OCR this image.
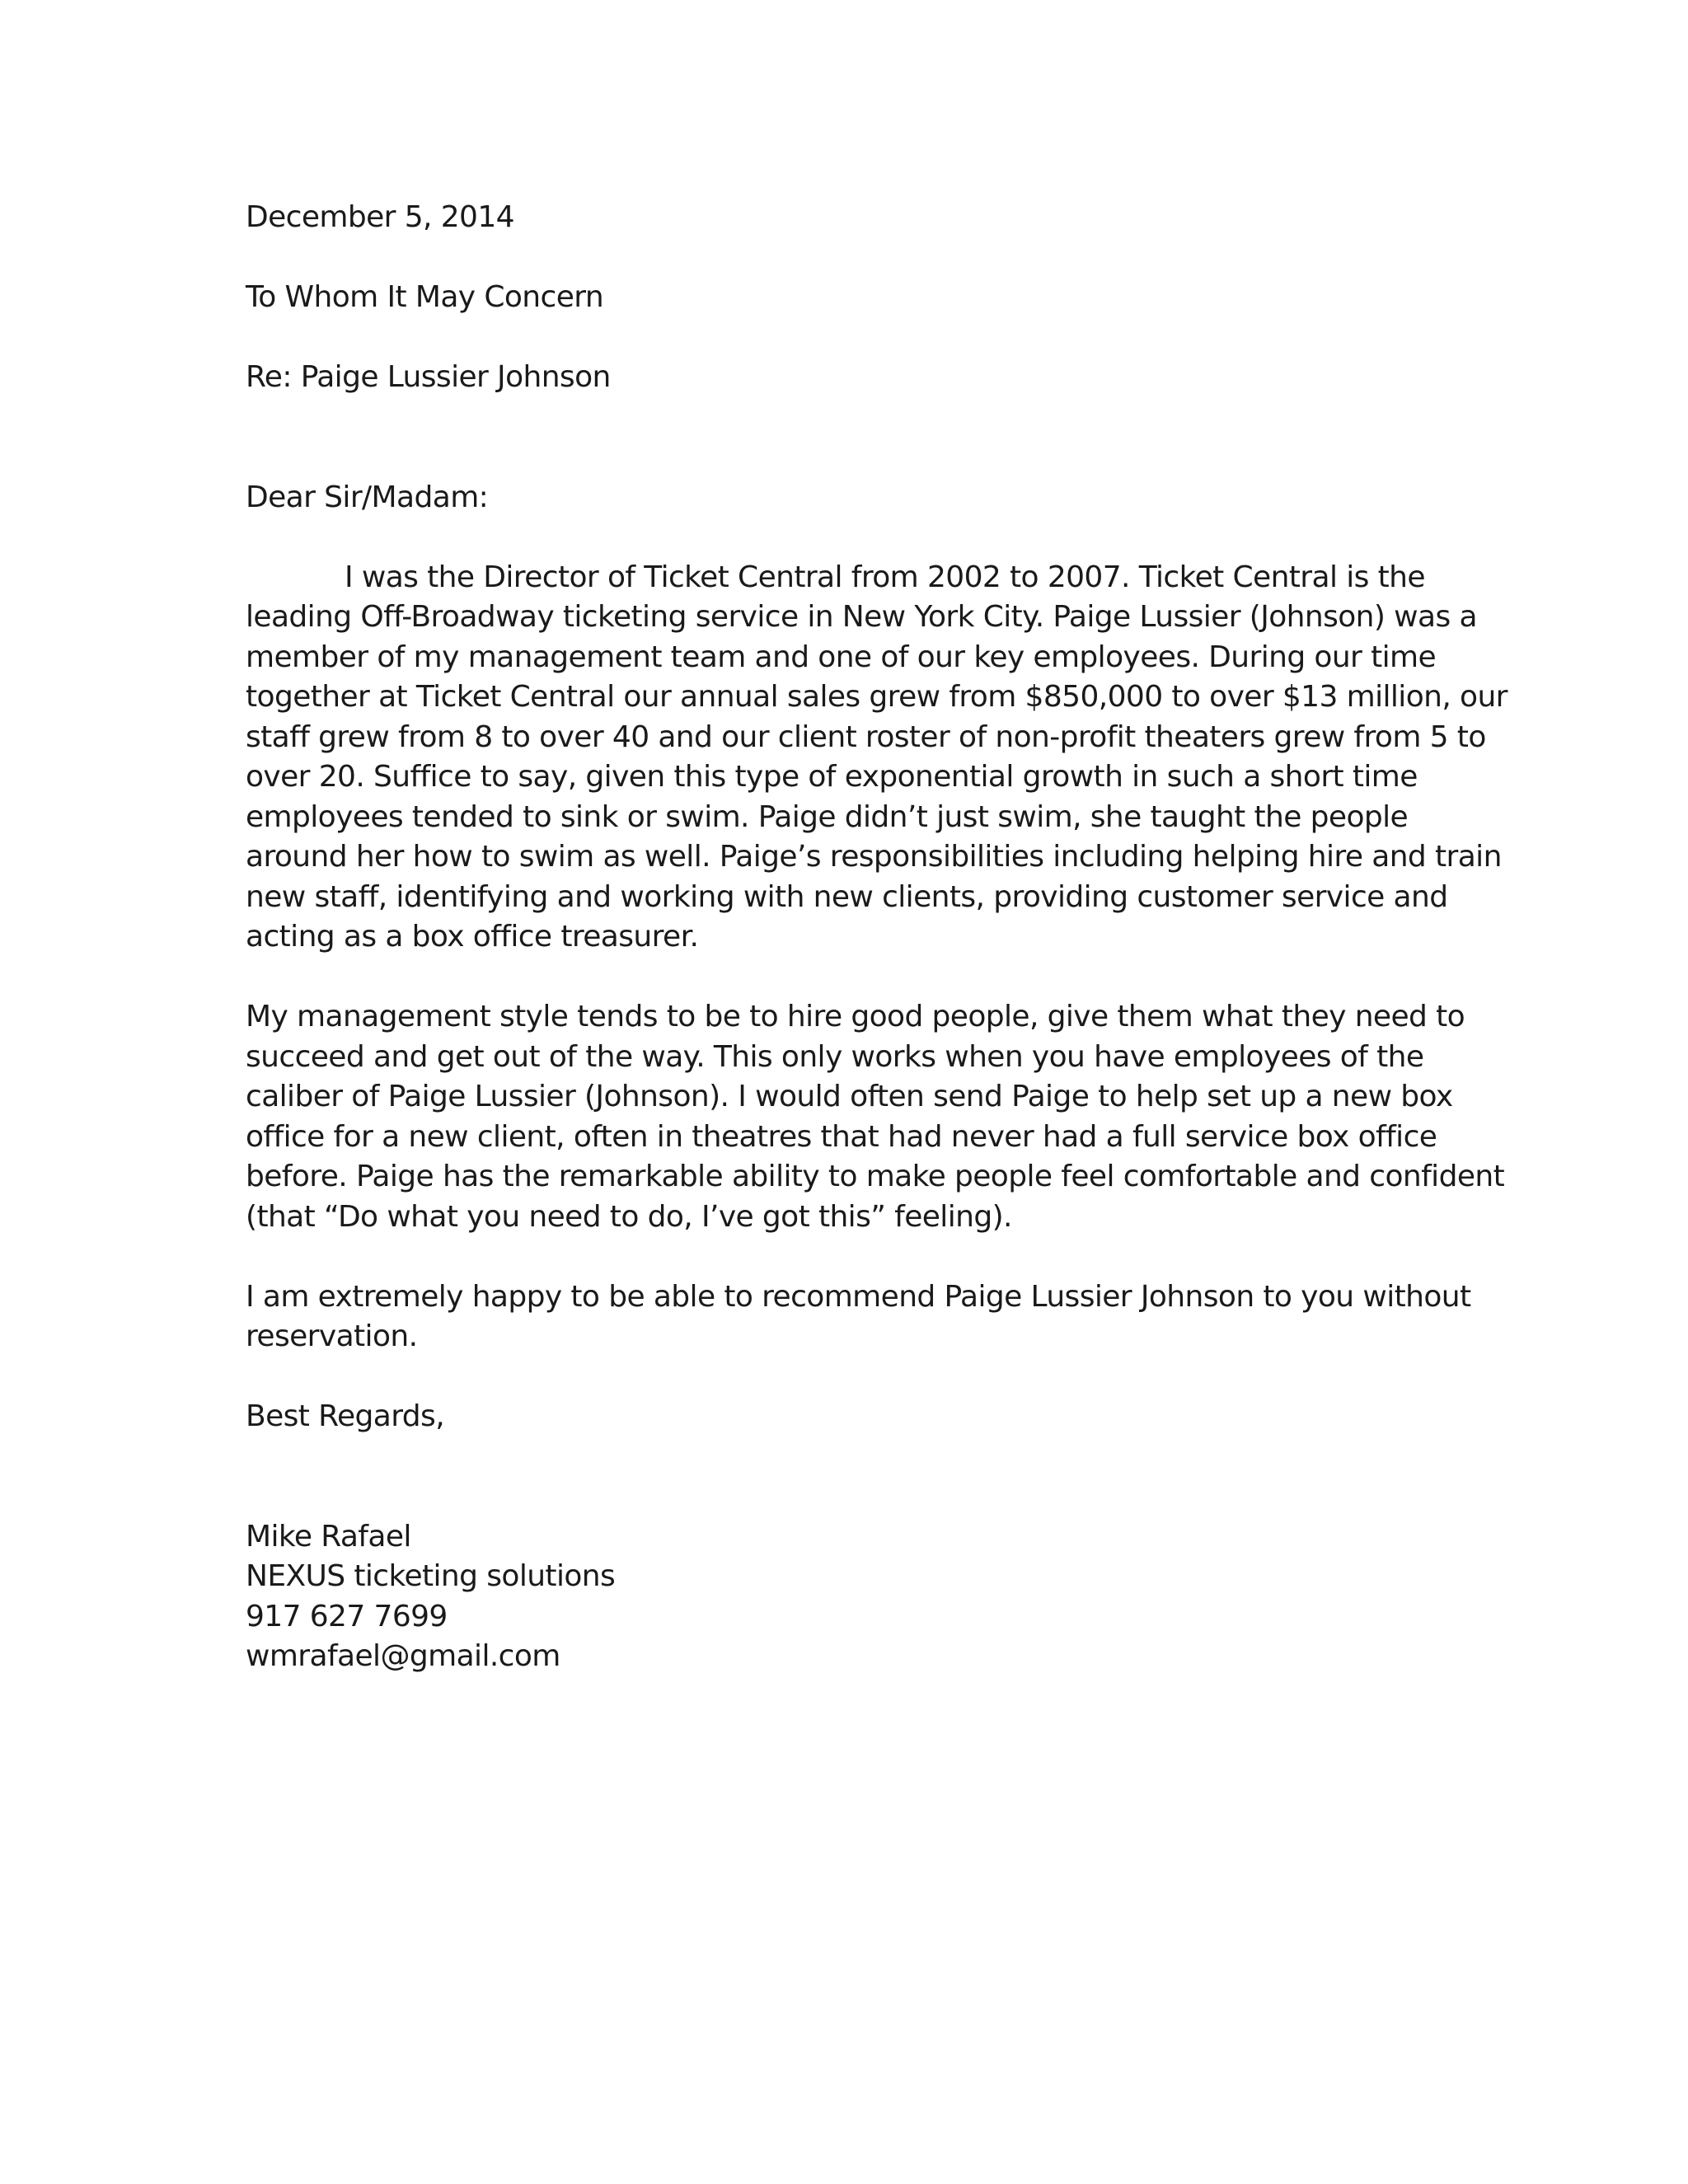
December 5, 2014
To Whom It May Concern
Re: Paige Lussier Johnson
Dear Sir/Madam:

I was the Director of Ticket Central from 2002 to 2007. Ticket Central is the
leading Off-Broadway ticketing service in New York City. Paige Lussier (Johnson) was a
member of my management team and one of our key employees. During our time
together at Ticket Central our annual sales grew from $850,000 to over $13 million, our
staff grew from 8 to over 40 and our client roster of non-profit theaters grew from 5 to
over 20. Suffice to say, given this type of exponential growth in such a short time
employees tended to sink or swim. Paige didn’t just swim, she taught the people
around her how to swim as well. Paige’s responsibilities including helping hire and train
new staff, identifying and working with new clients, providing customer service and
acting as a box office treasurer.

My management style tends to be to hire good people, give them what they need to
succeed and get out of the way. This only works when you have employees of the
caliber of Paige Lussier (Johnson). I would often send Paige to help set up a new box
office for a new client, often in theatres that had never had a full service box office
before. Paige has the remarkable ability to make people feel comfortable and confident
(that “Do what you need to do, I’ve got this” feeling).

I am extremely happy to be able to recommend Paige Lussier Johnson to you without
reservation.

Best Regards,
Mike Rafael
NEXUS ticketing solutions
917 627 7699
wmrafael@gmail.com
